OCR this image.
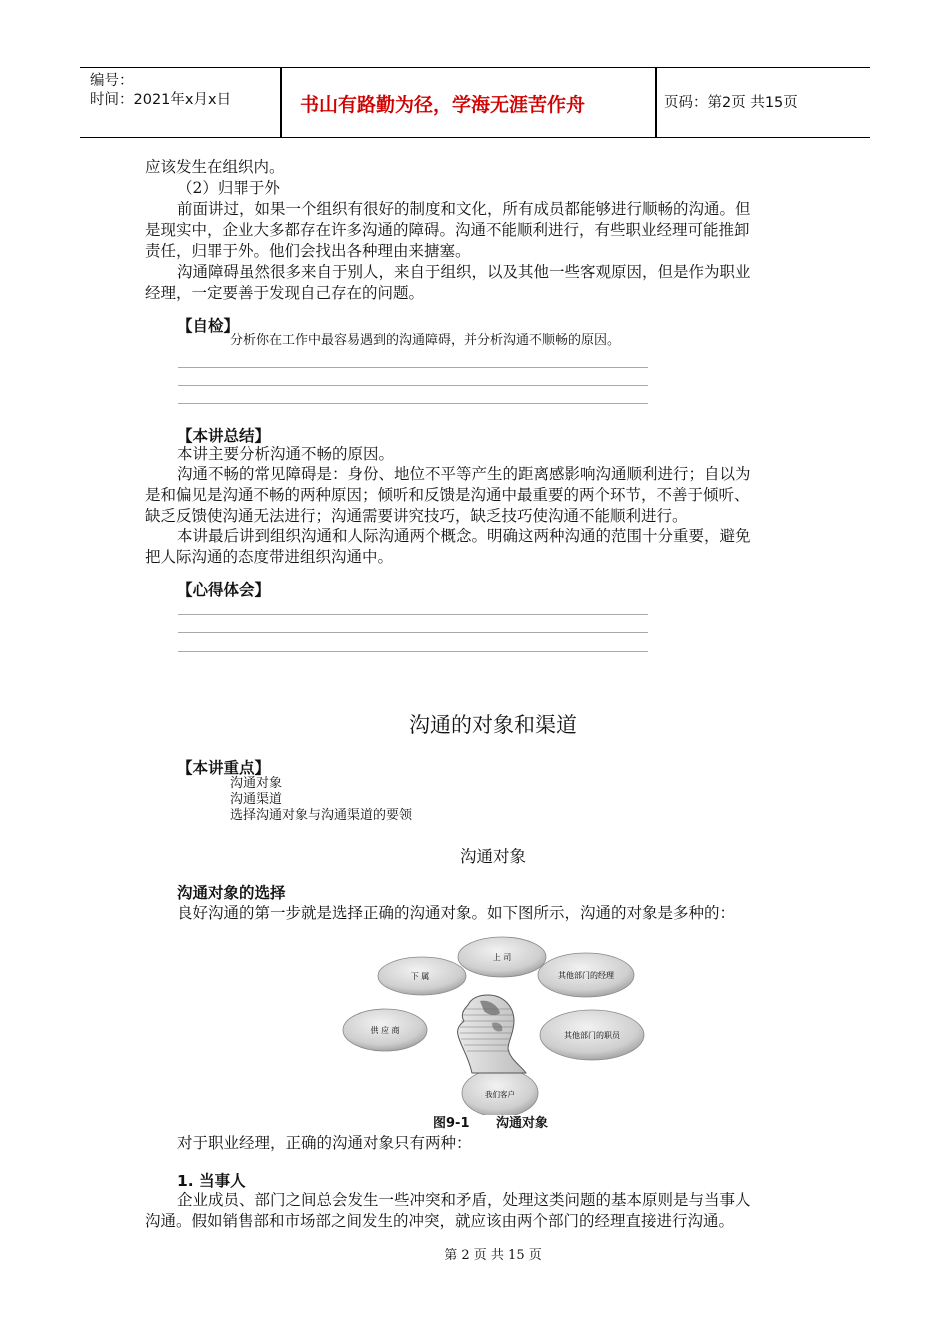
编号：
时间：2021年x月x日	书山有路勤为径，学海无涯苦作舟	页码：第2页 共15页
应该发生在组织内。
（2）归罪于外
前面讲过，如果一个组织有很好的制度和文化，所有成员都能够进行顺畅的沟通。但
是现实中，企业大多都存在许多沟通的障碍。沟通不能顺利进行，有些职业经理可能推卸
责任，归罪于外。他们会找出各种理由来搪塞。
沟通障碍虽然很多来自于别人，来自于组织，以及其他一些客观原因，但是作为职业
经理，一定要善于发现自己存在的问题。
【自检】
分析你在工作中最容易遇到的沟通障碍，并分析沟通不顺畅的原因。
【本讲总结】
本讲主要分析沟通不畅的原因。
沟通不畅的常见障碍是：身份、地位不平等产生的距离感影响沟通顺利进行；自以为
是和偏见是沟通不畅的两种原因；倾听和反馈是沟通中最重要的两个环节，不善于倾听、
缺乏反馈使沟通无法进行；沟通需要讲究技巧，缺乏技巧使沟通不能顺利进行。
本讲最后讲到组织沟通和人际沟通两个概念。明确这两种沟通的范围十分重要，避免
把人际沟通的态度带进组织沟通中。
【心得体会】
沟通的对象和渠道
【本讲重点】
沟通对象
沟通渠道
选择沟通对象与沟通渠道的要领
沟通对象
沟通对象的选择
良好沟通的第一步就是选择正确的沟通对象。如下图所示，沟通的对象是多种的：
上 司
下 属	其他部门的经理
供 应 商
其他部门的职员
我们客户
图9-1 沟通对象
对于职业经理，正确的沟通对象只有两种：
1. 当事人
企业成员、部门之间总会发生一些冲突和矛盾，处理这类问题的基本原则是与当事人
沟通。假如销售部和市场部之间发生的冲突，就应该由两个部门的经理直接进行沟通。
第 2 页 共 15 页
